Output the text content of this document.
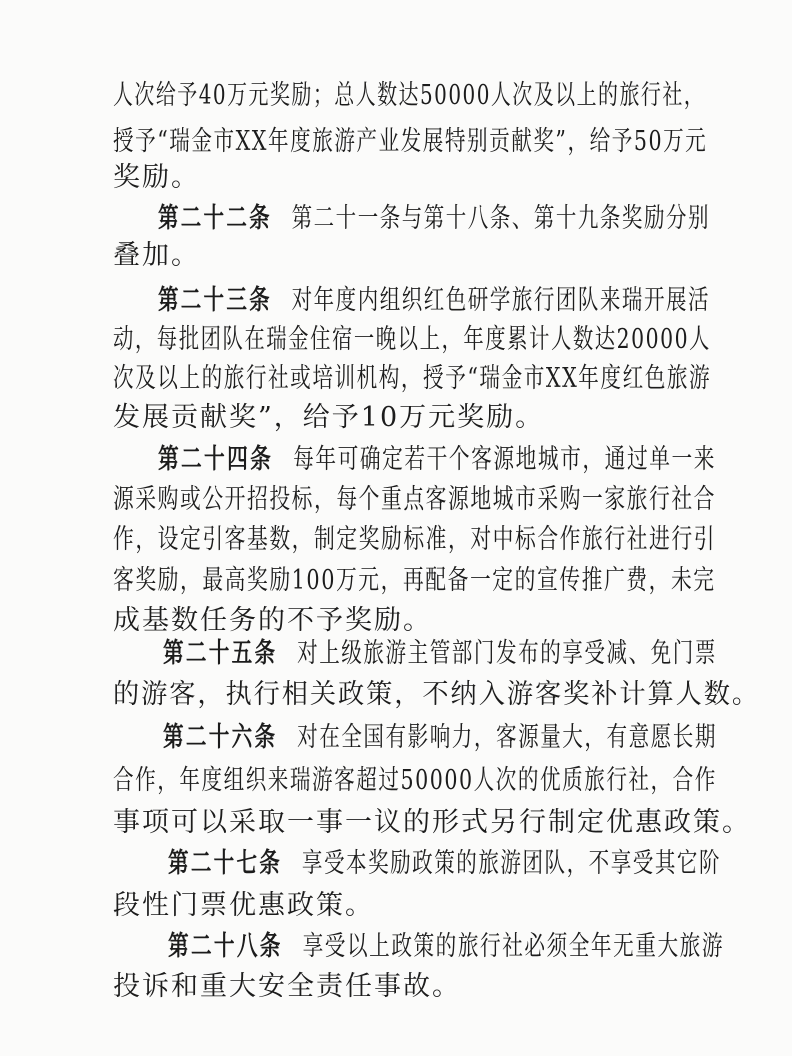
人次给予40万元奖励；总人数达50000人次及以上的旅行社，
授予“瑞金市XX年度旅游产业发展特别贡献奖”，给予50万元
奖励。
第二十二条 第二十一条与第十八条、第十九条奖励分别
叠加。
第二十三条 对年度内组织红色研学旅行团队来瑞开展活
动，每批团队在瑞金住宿一晚以上，年度累计人数达20000人
次及以上的旅行社或培训机构，授予“瑞金市XX年度红色旅游
发展贡献奖”，给予10万元奖励。
第二十四条 每年可确定若干个客源地城市，通过单一来
源采购或公开招投标，每个重点客源地城市采购一家旅行社合
作，设定引客基数，制定奖励标准，对中标合作旅行社进行引
客奖励，最高奖励100万元，再配备一定的宣传推广费，未完
成基数任务的不予奖励。
第二十五条 对上级旅游主管部门发布的享受减、免门票
的游客，执行相关政策，不纳入游客奖补计算人数。
第二十六条 对在全国有影响力，客源量大，有意愿长期
合作，年度组织来瑞游客超过50000人次的优质旅行社，合作
事项可以采取一事一议的形式另行制定优惠政策。
第二十七条 享受本奖励政策的旅游团队，不享受其它阶
段性门票优惠政策。
第二十八条 享受以上政策的旅行社必须全年无重大旅游
投诉和重大安全责任事故。
